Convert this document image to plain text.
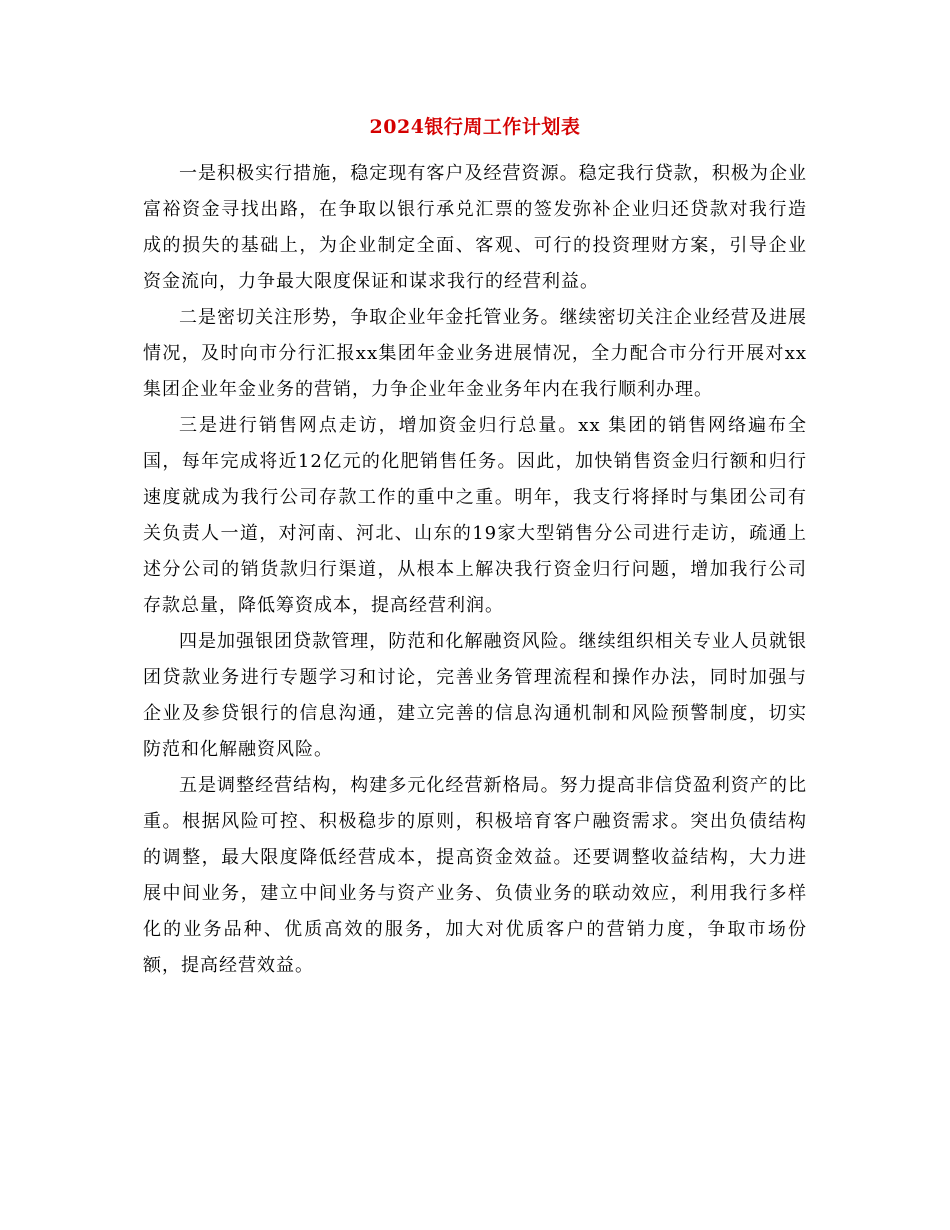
2024银行周工作计划表

一是积极实行措施，稳定现有客户及经营资源。稳定我行贷款，积极为企业富裕资金寻找出路，在争取以银行承兑汇票的签发弥补企业归还贷款对我行造成的损失的基础上，为企业制定全面、客观、可行的投资理财方案，引导企业资金流向，力争最大限度保证和谋求我行的经营利益。

二是密切关注形势，争取企业年金托管业务。继续密切关注企业经营及进展情况，及时向市分行汇报xx集团年金业务进展情况，全力配合市分行开展对xx集团企业年金业务的营销，力争企业年金业务年内在我行顺利办理。

三是进行销售网点走访，增加资金归行总量。xx 集团的销售网络遍布全国，每年完成将近12亿元的化肥销售任务。因此，加快销售资金归行额和归行速度就成为我行公司存款工作的重中之重。明年，我支行将择时与集团公司有关负责人一道，对河南、河北、山东的19家大型销售分公司进行走访，疏通上述分公司的销货款归行渠道，从根本上解决我行资金归行问题，增加我行公司存款总量，降低筹资成本，提高经营利润。

四是加强银团贷款管理，防范和化解融资风险。继续组织相关专业人员就银团贷款业务进行专题学习和讨论，完善业务管理流程和操作办法，同时加强与企业及参贷银行的信息沟通，建立完善的信息沟通机制和风险预警制度，切实防范和化解融资风险。

五是调整经营结构，构建多元化经营新格局。努力提高非信贷盈利资产的比重。根据风险可控、积极稳步的原则，积极培育客户融资需求。突出负债结构的调整，最大限度降低经营成本，提高资金效益。还要调整收益结构，大力进展中间业务，建立中间业务与资产业务、负债业务的联动效应，利用我行多样化的业务品种、优质高效的服务，加大对优质客户的营销力度，争取市场份额，提高经营效益。
